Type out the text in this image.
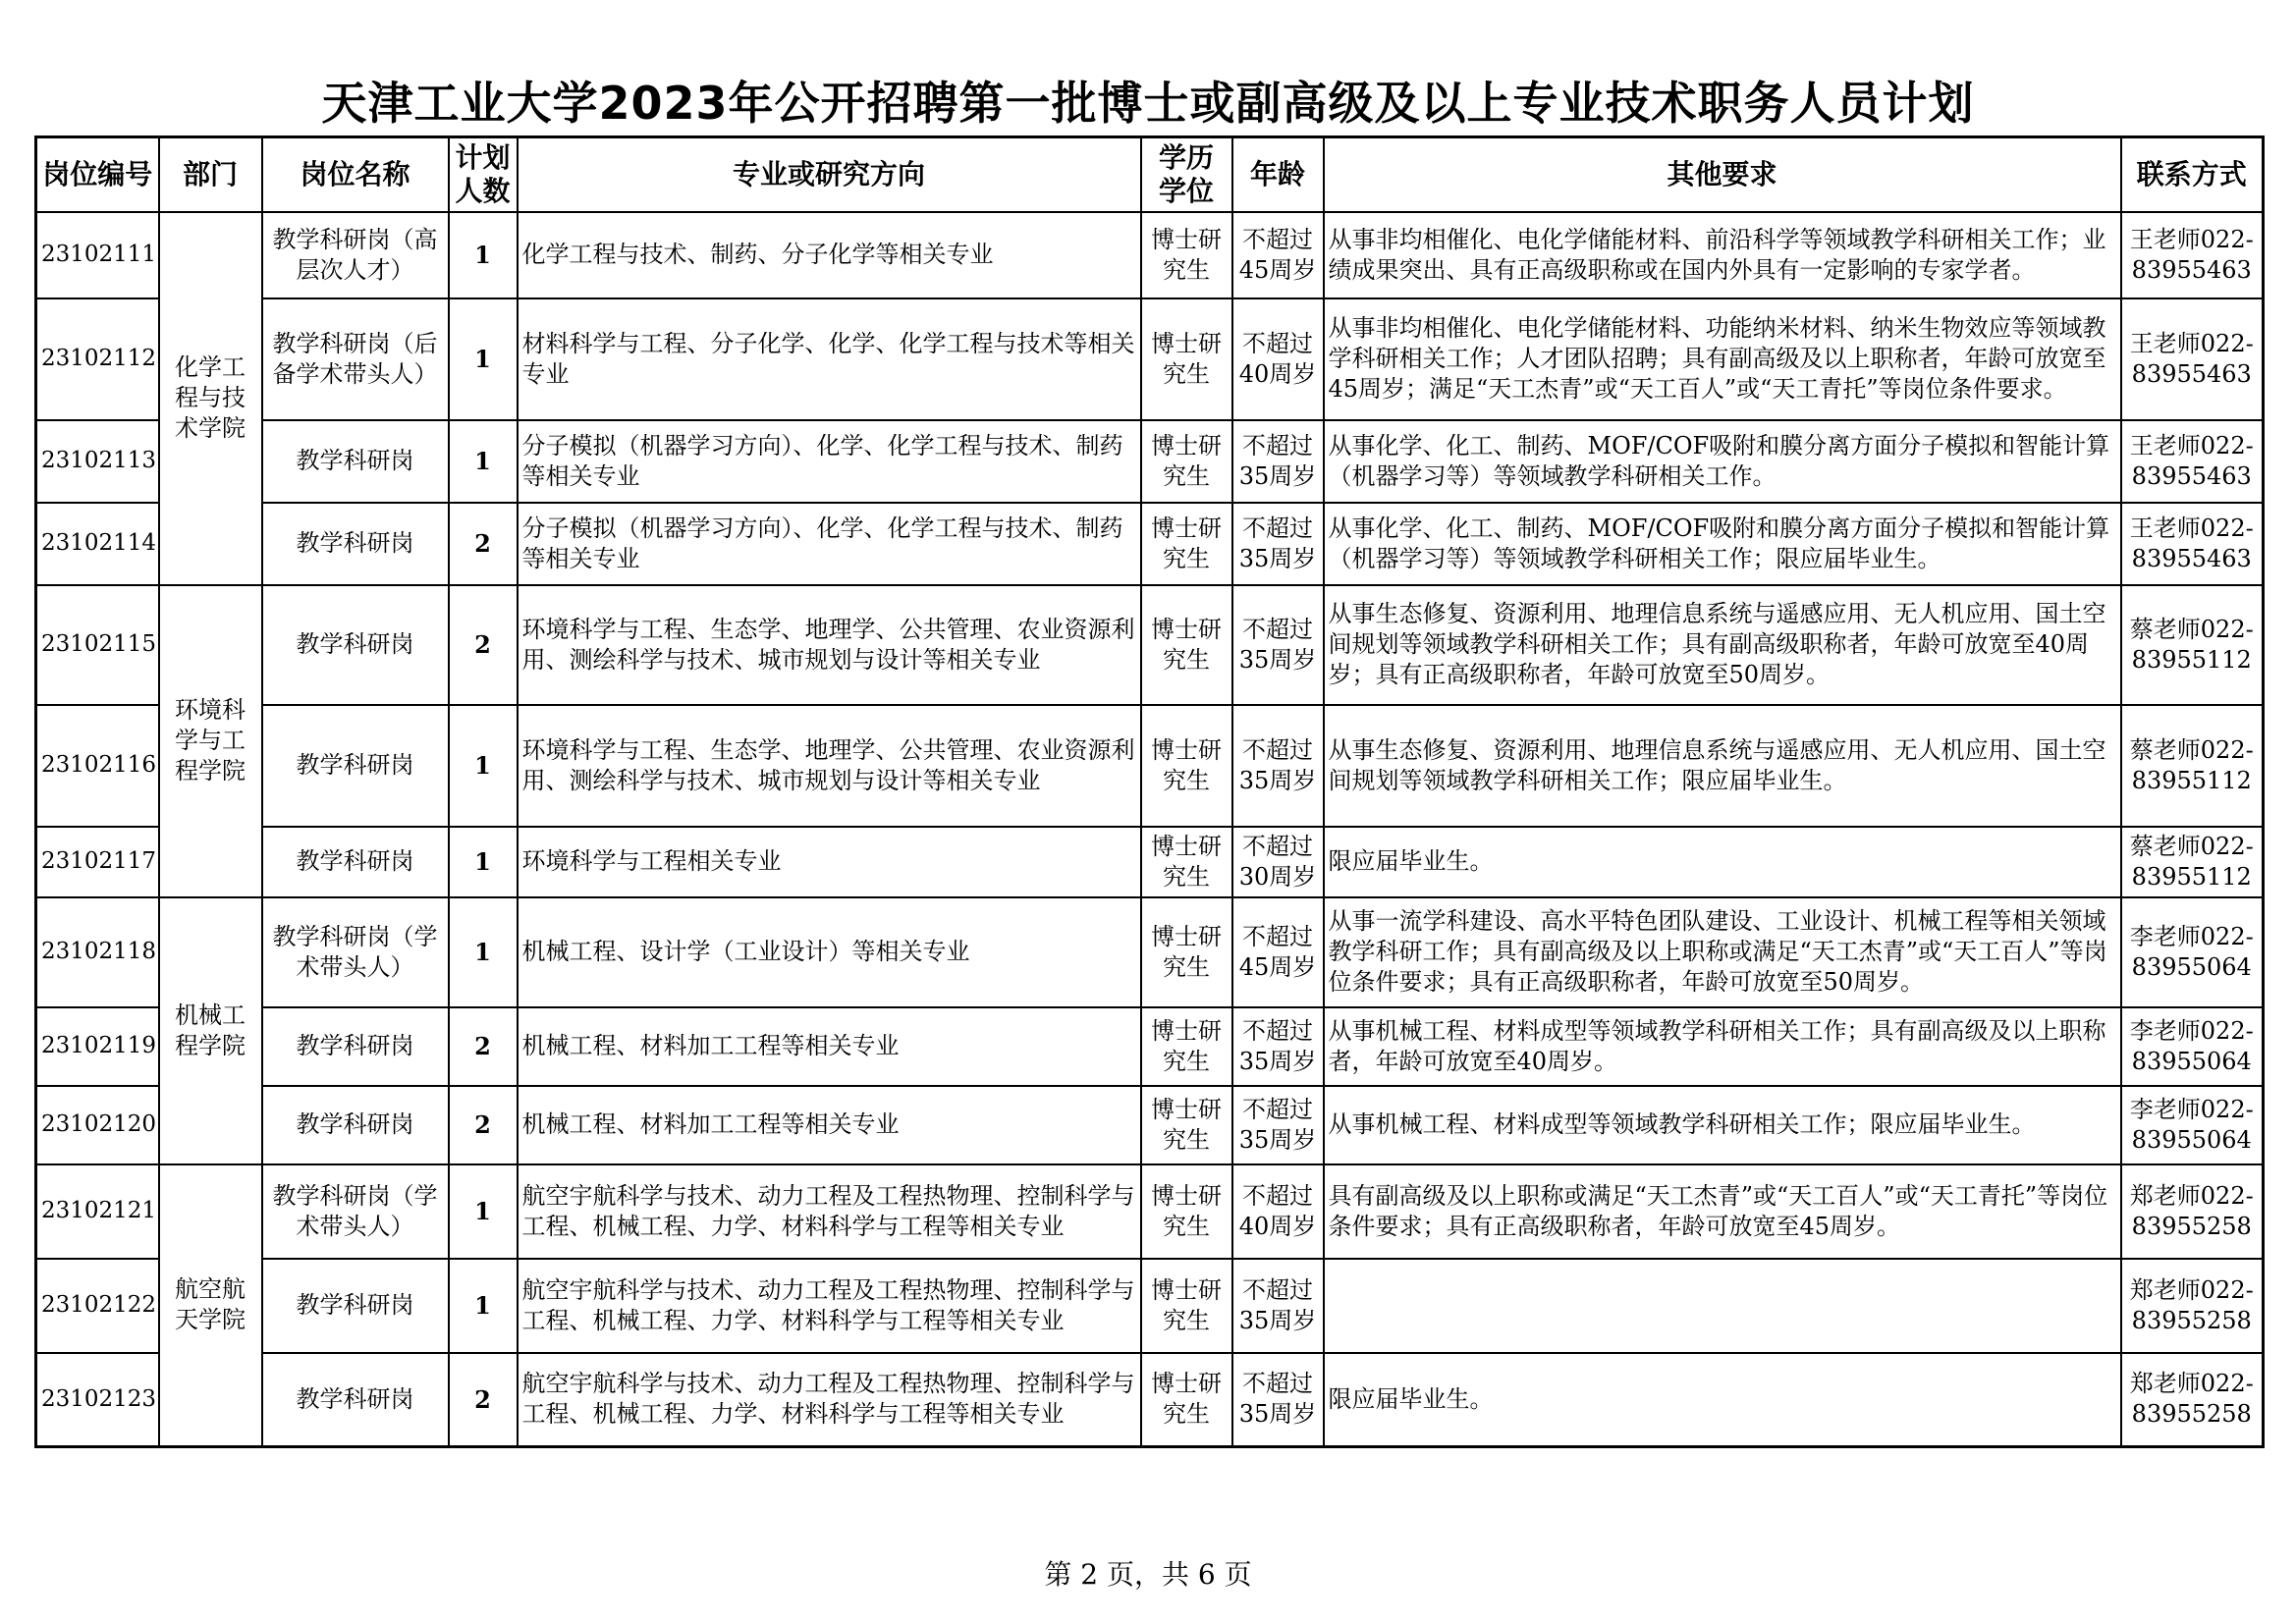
天津工业大学2023年公开招聘第一批博士或副高级及以上专业技术职务人员计划
岗位编号	部门	岗位名称	计划人数	专业或研究方向	学历学位	年龄	其他要求	联系方式
23102111	化学工程与技术学院	教学科研岗（高层次人才）	1	化学工程与技术、制药、分子化学等相关专业	博士研究生	不超过45周岁	从事非均相催化、电化学储能材料、前沿科学等领域教学科研相关工作；业绩成果突出、具有正高级职称或在国内外具有一定影响的专家学者。	王老师022-83955463
23102112		教学科研岗（后备学术带头人）	1	材料科学与工程、分子化学、化学、化学工程与技术等相关专业	博士研究生	不超过40周岁	从事非均相催化、电化学储能材料、功能纳米材料、纳米生物效应等领域教学科研相关工作；人才团队招聘；具有副高级及以上职称者，年龄可放宽至45周岁；满足“天工杰青”或“天工百人”或“天工青托”等岗位条件要求。	王老师022-83955463
23102113		教学科研岗	1	分子模拟（机器学习方向）、化学、化学工程与技术、制药等相关专业	博士研究生	不超过35周岁	从事化学、化工、制药、MOF/COF吸附和膜分离方面分子模拟和智能计算（机器学习等）等领域教学科研相关工作。	王老师022-83955463
23102114		教学科研岗	2	分子模拟（机器学习方向）、化学、化学工程与技术、制药等相关专业	博士研究生	不超过35周岁	从事化学、化工、制药、MOF/COF吸附和膜分离方面分子模拟和智能计算（机器学习等）等领域教学科研相关工作；限应届毕业生。	王老师022-83955463
23102115	环境科学与工程学院	教学科研岗	2	环境科学与工程、生态学、地理学、公共管理、农业资源利用、测绘科学与技术、城市规划与设计等相关专业	博士研究生	不超过35周岁	从事生态修复、资源利用、地理信息系统与遥感应用、无人机应用、国土空间规划等领域教学科研相关工作；具有副高级职称者，年龄可放宽至40周岁；具有正高级职称者，年龄可放宽至50周岁。	蔡老师022-83955112
23102116		教学科研岗	1	环境科学与工程、生态学、地理学、公共管理、农业资源利用、测绘科学与技术、城市规划与设计等相关专业	博士研究生	不超过35周岁	从事生态修复、资源利用、地理信息系统与遥感应用、无人机应用、国土空间规划等领域教学科研相关工作；限应届毕业生。	蔡老师022-83955112
23102117		教学科研岗	1	环境科学与工程相关专业	博士研究生	不超过30周岁	限应届毕业生。	蔡老师022-83955112
23102118	机械工程学院	教学科研岗（学术带头人）	1	机械工程、设计学（工业设计）等相关专业	博士研究生	不超过45周岁	从事一流学科建设、高水平特色团队建设、工业设计、机械工程等相关领域教学科研工作；具有副高级及以上职称或满足“天工杰青”或“天工百人”等岗位条件要求；具有正高级职称者，年龄可放宽至50周岁。	李老师022-83955064
23102119		教学科研岗	2	机械工程、材料加工工程等相关专业	博士研究生	不超过35周岁	从事机械工程、材料成型等领域教学科研相关工作；具有副高级及以上职称者，年龄可放宽至40周岁。	李老师022-83955064
23102120		教学科研岗	2	机械工程、材料加工工程等相关专业	博士研究生	不超过35周岁	从事机械工程、材料成型等领域教学科研相关工作；限应届毕业生。	李老师022-83955064
23102121	航空航天学院	教学科研岗（学术带头人）	1	航空宇航科学与技术、动力工程及工程热物理、控制科学与工程、机械工程、力学、材料科学与工程等相关专业	博士研究生	不超过40周岁	具有副高级及以上职称或满足“天工杰青”或“天工百人”或“天工青托”等岗位条件要求；具有正高级职称者，年龄可放宽至45周岁。	郑老师022-83955258
23102122		教学科研岗	1	航空宇航科学与技术、动力工程及工程热物理、控制科学与工程、机械工程、力学、材料科学与工程等相关专业	博士研究生	不超过35周岁		郑老师022-83955258
23102123		教学科研岗	2	航空宇航科学与技术、动力工程及工程热物理、控制科学与工程、机械工程、力学、材料科学与工程等相关专业	博士研究生	不超过35周岁	限应届毕业生。	郑老师022-83955258
第 2 页，共 6 页
